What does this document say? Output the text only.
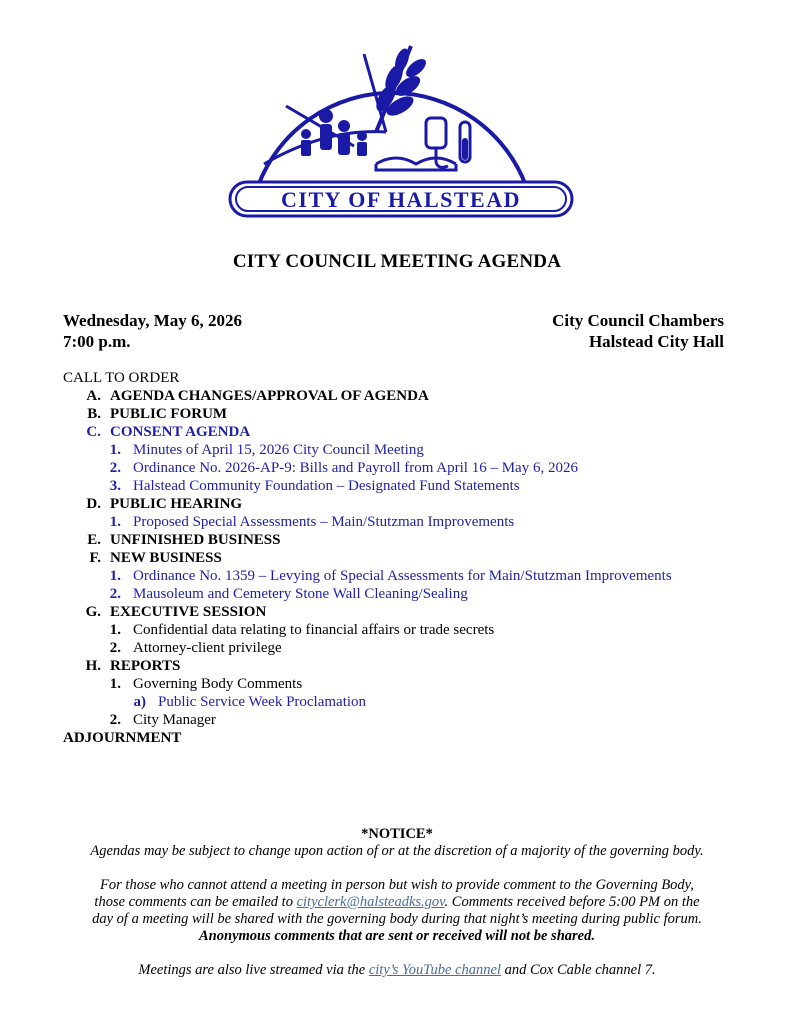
CITY OF HALSTEAD
CITY COUNCIL MEETING AGENDA
Wednesday, May 6, 2026
7:00 p.m.
City Council Chambers
Halstead City Hall
CALL TO ORDER
A. AGENDA CHANGES/APPROVAL OF AGENDA
B. PUBLIC FORUM
C. CONSENT AGENDA
1. Minutes of April 15, 2026 City Council Meeting
2. Ordinance No. 2026-AP-9: Bills and Payroll from April 16 – May 6, 2026
3. Halstead Community Foundation – Designated Fund Statements
D. PUBLIC HEARING
1. Proposed Special Assessments – Main/Stutzman Improvements
E. UNFINISHED BUSINESS
F. NEW BUSINESS
1. Ordinance No. 1359 – Levying of Special Assessments for Main/Stutzman Improvements
2. Mausoleum and Cemetery Stone Wall Cleaning/Sealing
G. EXECUTIVE SESSION
1. Confidential data relating to financial affairs or trade secrets
2. Attorney-client privilege
H. REPORTS
1. Governing Body Comments
a) Public Service Week Proclamation
2. City Manager
ADJOURNMENT

*NOTICE*

Agendas may be subject to change upon action of or at the discretion of a majority of the governing body.

For those who cannot attend a meeting in person but wish to provide comment to the Governing Body,

those comments can be emailed to cityclerk@halsteadks.gov. Comments received before 5:00 PM on the

day of a meeting will be shared with the governing body during that night’s meeting during public forum.

Anonymous comments that are sent or received will not be shared.

Meetings are also live streamed via the city’s YouTube channel and Cox Cable channel 7.
